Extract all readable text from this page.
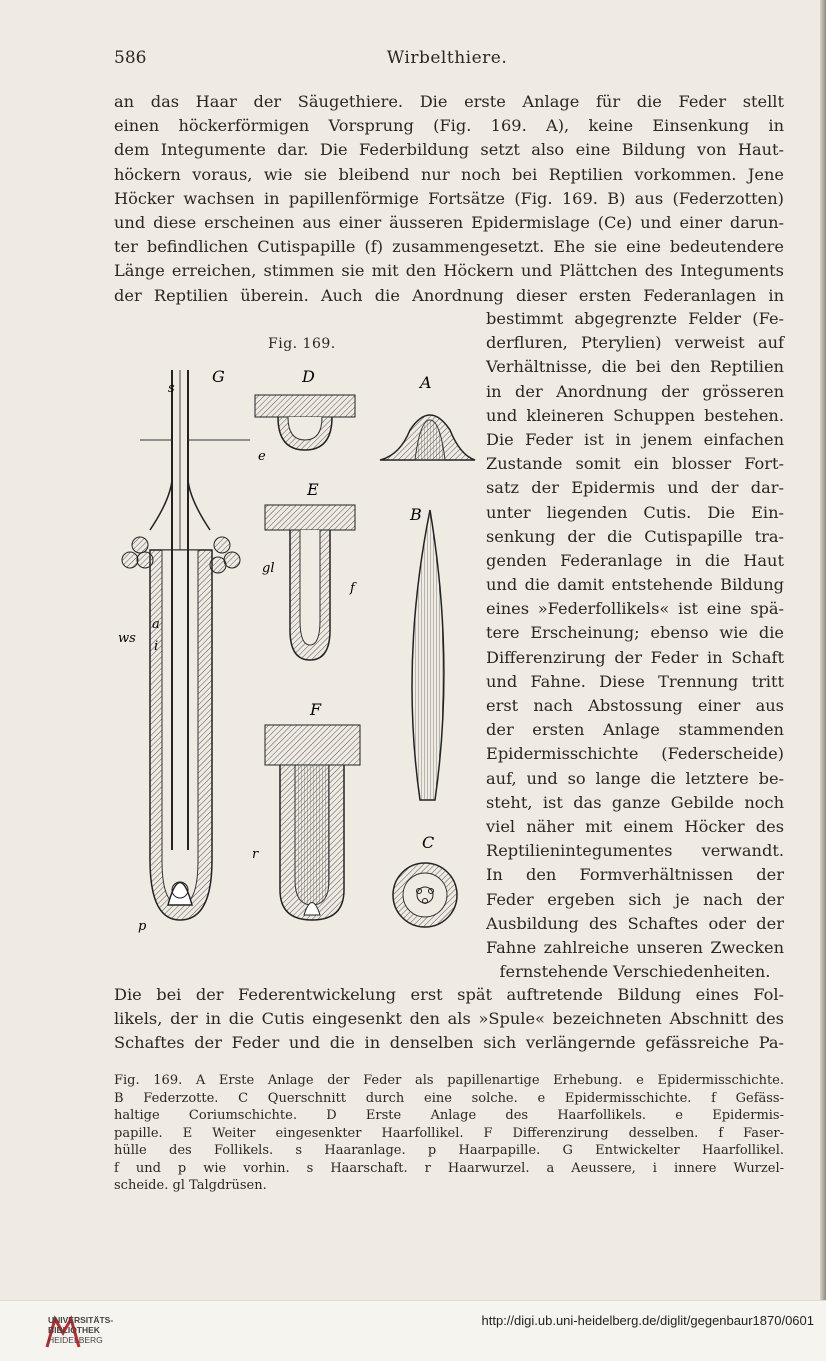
586	Wirbelthiere.
an das Haar der Säugethiere. Die erste Anlage für die Feder stellt
einen höckerförmigen Vorsprung (Fig. 169. A), keine Einsenkung in
dem Integumente dar. Die Federbildung setzt also eine Bildung von Haut-
höckern voraus, wie sie bleibend nur noch bei Reptilien vorkommen. Jene
Höcker wachsen in papillenförmige Fortsätze (Fig. 169. B) aus (Federzotten)
und diese erscheinen aus einer äusseren Epidermislage (Ce) und einer darun-
ter befindlichen Cutispapille (f) zusammengesetzt. Ehe sie eine bedeutendere
Länge erreichen, stimmen sie mit den Höckern und Plättchen des Integuments
der Reptilien überein. Auch die Anordnung dieser ersten Federanlagen in
bestimmt abgegrenzte Felder (Fe-
derfluren, Pterylien) verweist auf
Verhältnisse, die bei den Reptilien
in der Anordnung der grösseren
und kleineren Schuppen bestehen.
Die Feder ist in jenem einfachen
Zustande somit ein blosser Fort-
satz der Epidermis und der dar-
unter liegenden Cutis. Die Ein-
senkung der die Cutispapille tra-
genden Federanlage in die Haut
und die damit entstehende Bildung
eines »Federfollikels« ist eine spä-
tere Erscheinung; ebenso wie die
Differenzirung der Feder in Schaft
und Fahne. Diese Trennung tritt
erst nach Abstossung einer aus
der ersten Anlage stammenden
Epidermisschichte (Federscheide)
auf, und so lange die letztere be-
steht, ist das ganze Gebilde noch
viel näher mit einem Höcker des
Reptilienintegumentes verwandt.
In den Formverhältnissen der
Feder ergeben sich je nach der
Ausbildung des Schaftes oder der
Fahne zahlreiche unseren Zwecken
fernstehende Verschiedenheiten.
Fig. 169.
G	D	A
E
B
F
C
s
e
gl
f
a
i
ws
r
p
Die bei der Federentwickelung erst spät auftretende Bildung eines Fol-
likels, der in die Cutis eingesenkt den als »Spule« bezeichneten Abschnitt des
Schaftes der Feder und die in denselben sich verlängernde gefässreiche Pa-
Fig. 169. A Erste Anlage der Feder als papillenartige Erhebung. e Epidermisschichte.
B Federzotte. C Querschnitt durch eine solche. e Epidermisschichte. f Gefäss-
haltige Coriumschichte. D Erste Anlage des Haarfollikels. e Epidermis-
papille. E Weiter eingesenkter Haarfollikel. F Differenzirung desselben. f Faser-
hülle des Follikels. s Haaranlage. p Haarpapille. G Entwickelter Haarfollikel.
f und p wie vorhin. s Haarschaft. r Haarwurzel. a Aeussere, i innere Wurzel-
scheide. gl Talgdrüsen.
UNIVERSITÄTS-
BIBLIOTHEK
HEIDELBERG
http://digi.ub.uni-heidelberg.de/diglit/gegenbaur1870/0601
